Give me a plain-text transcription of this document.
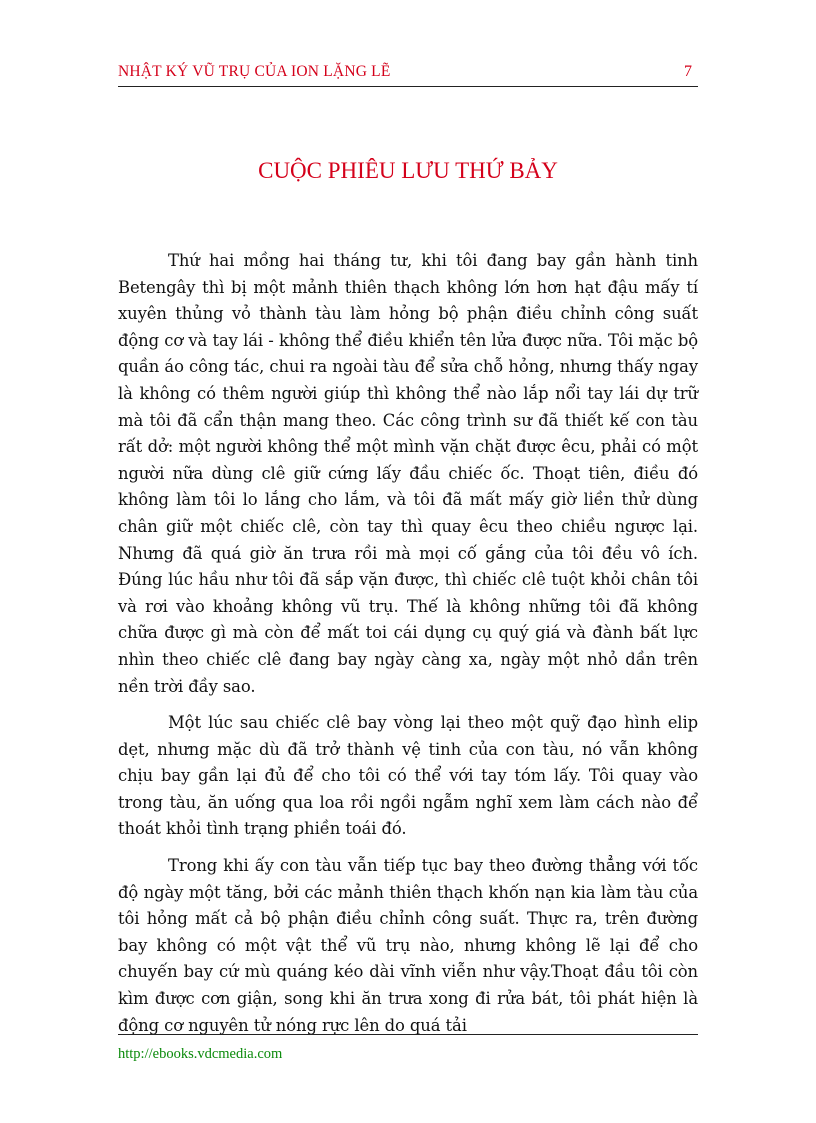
NHẬT KÝ VŨ TRỤ CỦA ION LẶNG LẼ	7
CUỘC PHIÊU LƯU THỨ BẢY

Thứ hai mồng hai tháng tư, khi tôi đang bay gần hành tinh Betengây thì bị một mảnh thiên thạch không lớn hơn hạt đậu mấy tí xuyên thủng vỏ thành tàu làm hỏng bộ phận điều chỉnh công suất động cơ và tay lái - không thể điều khiển tên lửa được nữa. Tôi mặc bộ quần áo công tác, chui ra ngoài tàu để sửa chỗ hỏng, nhưng thấy ngay là không có thêm người giúp thì không thể nào lắp nổi tay lái dự trữ mà tôi đã cẩn thận mang theo. Các công trình sư đã thiết kế con tàu rất dở: một người không thể một mình vặn chặt được êcu, phải có một người nữa dùng clê giữ cứng lấy đầu chiếc ốc. Thoạt tiên, điều đó không làm tôi lo lắng cho lắm, và tôi đã mất mấy giờ liền thử dùng chân giữ một chiếc clê, còn tay thì quay êcu theo chiều ngược lại. Nhưng đã quá giờ ăn trưa rồi mà mọi cố gắng của tôi đều vô ích. Đúng lúc hầu như tôi đã sắp vặn được, thì chiếc clê tuột khỏi chân tôi và rơi vào khoảng không vũ trụ. Thế là không những tôi đã không chữa được gì mà còn để mất toi cái dụng cụ quý giá và đành bất lực nhìn theo chiếc clê đang bay ngày càng xa, ngày một nhỏ dần trên nền trời đầy sao.

Một lúc sau chiếc clê bay vòng lại theo một quỹ đạo hình elip dẹt, nhưng mặc dù đã trở thành vệ tinh của con tàu, nó vẫn không chịu bay gần lại đủ để cho tôi có thể với tay tóm lấy. Tôi quay vào trong tàu, ăn uống qua loa rồi ngồi ngẫm nghĩ xem làm cách nào để thoát khỏi tình trạng phiền toái đó.

Trong khi ấy con tàu vẫn tiếp tục bay theo đường thẳng với tốc độ ngày một tăng, bởi các mảnh thiên thạch khốn nạn kia làm tàu của tôi hỏng mất cả bộ phận điều chỉnh công suất. Thực ra, trên đường bay không có một vật thể vũ trụ nào, nhưng không lẽ lại để cho chuyến bay cứ mù quáng kéo dài vĩnh viễn như vậy.Thoạt đầu tôi còn kìm được cơn giận, song khi ăn trưa xong đi rửa bát, tôi phát hiện là động cơ nguyên tử nóng rực lên do quá tải

http://ebooks.vdcmedia.com
